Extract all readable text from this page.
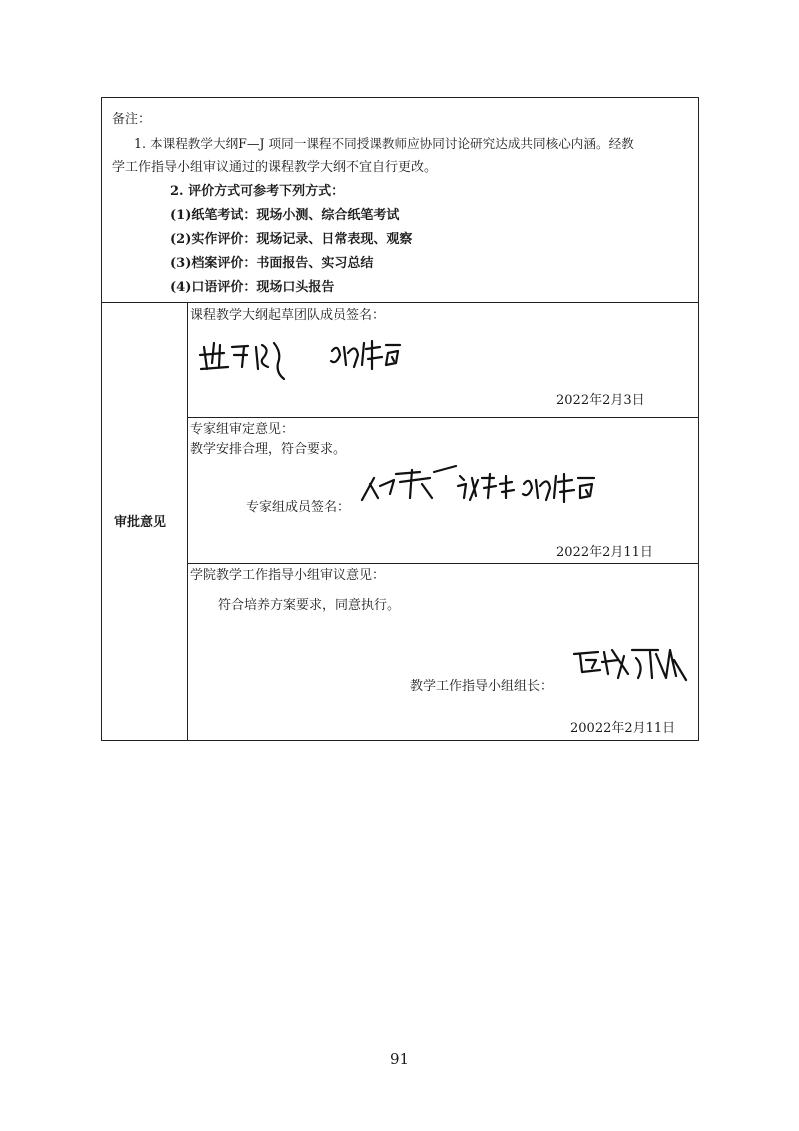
备注：
1. 本课程教学大纲F—J 项同一课程不同授课教师应协同讨论研究达成共同核心内涵。经教
学工作指导小组审议通过的课程教学大纲不宜自行更改。
2. 评价方式可参考下列方式：
(1)纸笔考试：现场小测、综合纸笔考试
(2)实作评价：现场记录、日常表现、观察
(3)档案评价：书面报告、实习总结
(4)口语评价：现场口头报告
审批意见
课程教学大纲起草团队成员签名：
2022年2月3日
专家组审定意见：
教学安排合理，符合要求。
专家组成员签名：
2022年2月11日
学院教学工作指导小组审议意见：
符合培养方案要求，同意执行。
教学工作指导小组组长：
20022年2月11日
91
